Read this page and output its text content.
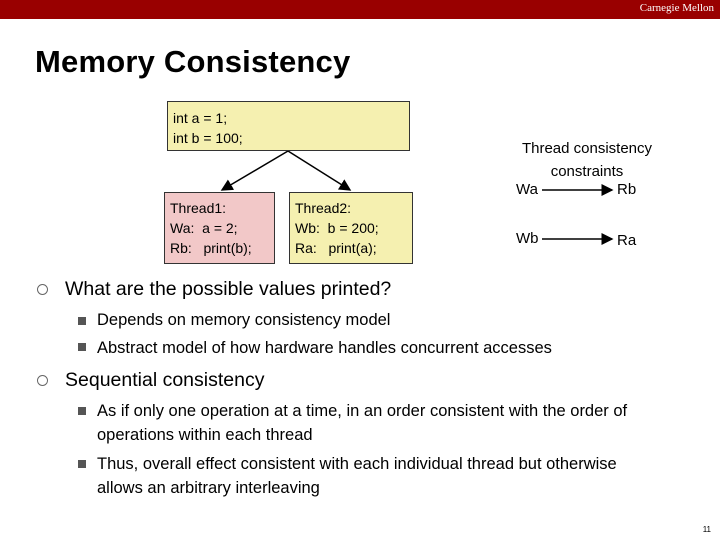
Carnegie Mellon
Memory Consistency
int a = 1;
int b = 100;
Thread1:
Wa:  a = 2;
Rb:   print(b);
Thread2:
Wb:  b = 200;
Ra:   print(a);
Thread consistency
constraints
Wa	Rb
Wb	Ra
What are the possible values printed?
Depends on memory consistency model
Abstract model of how hardware handles concurrent accesses
Sequential consistency
As if only one operation at a time, in an order consistent with the order of operations within each thread
Thus, overall effect consistent with each individual thread but otherwise allows an arbitrary interleaving
11
